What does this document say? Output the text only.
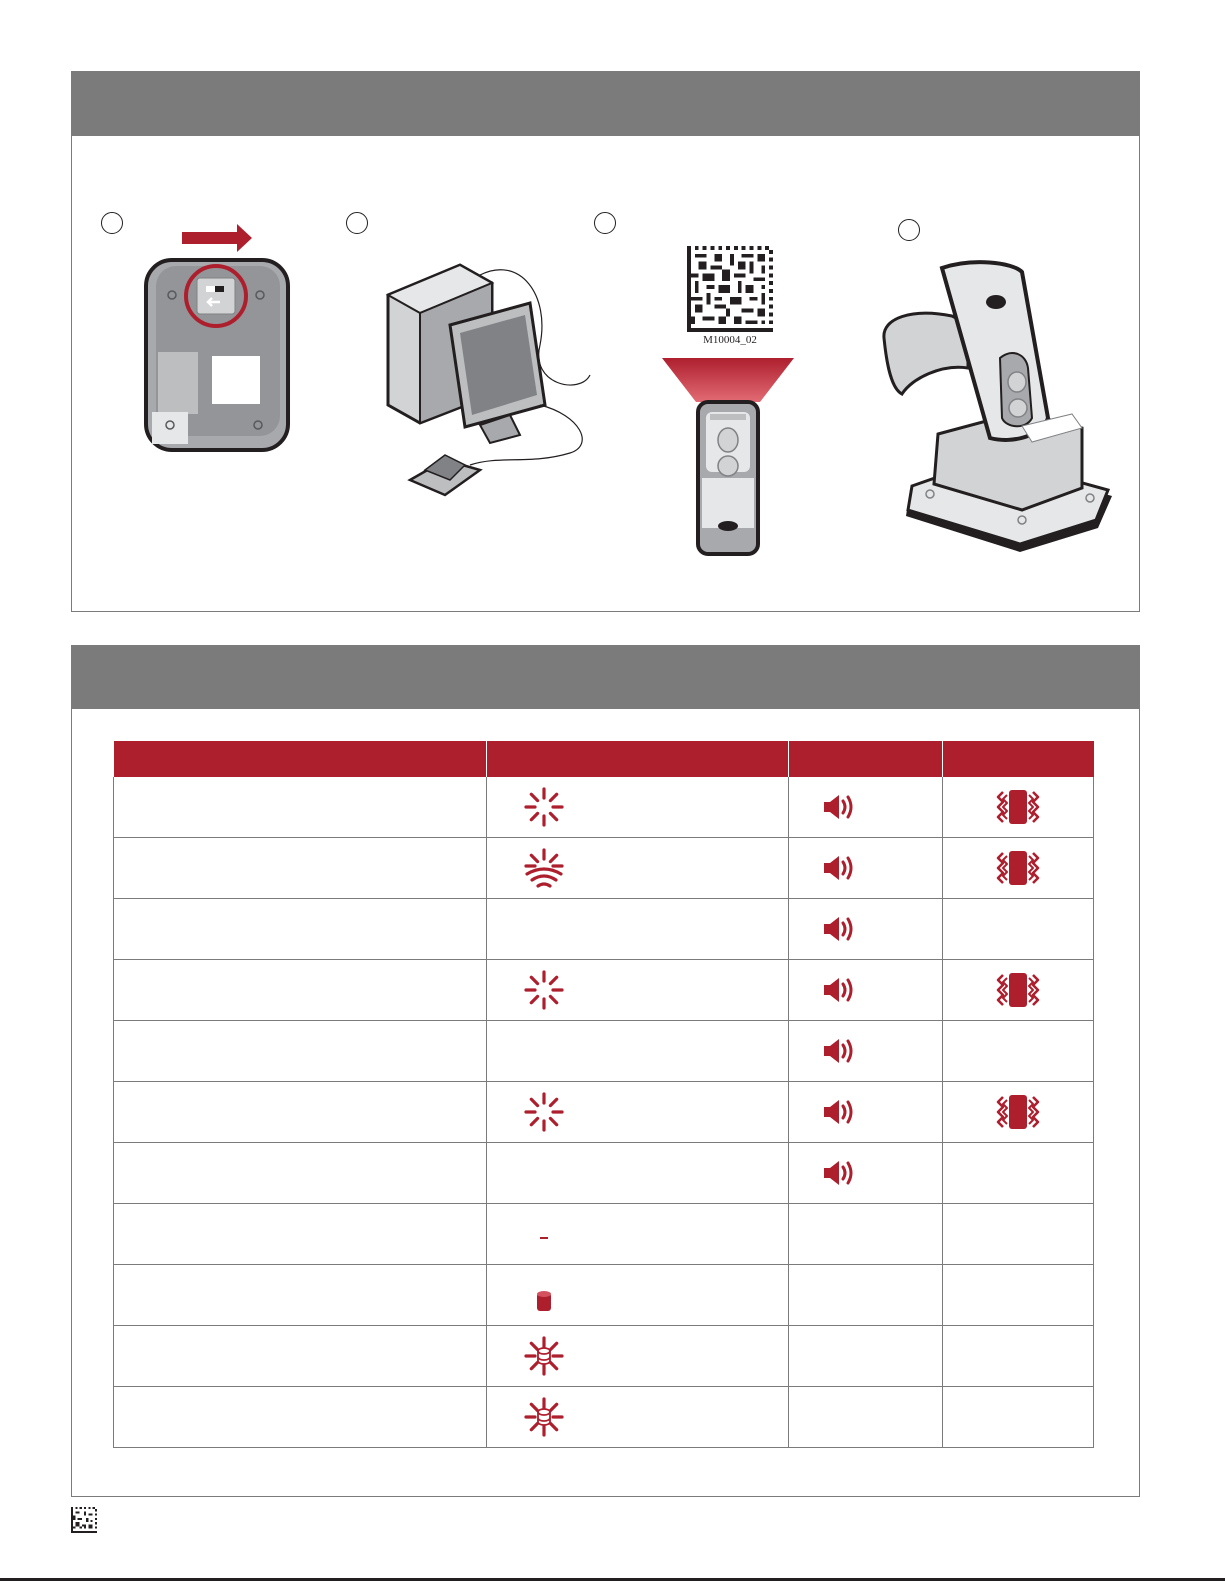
M10004_02
